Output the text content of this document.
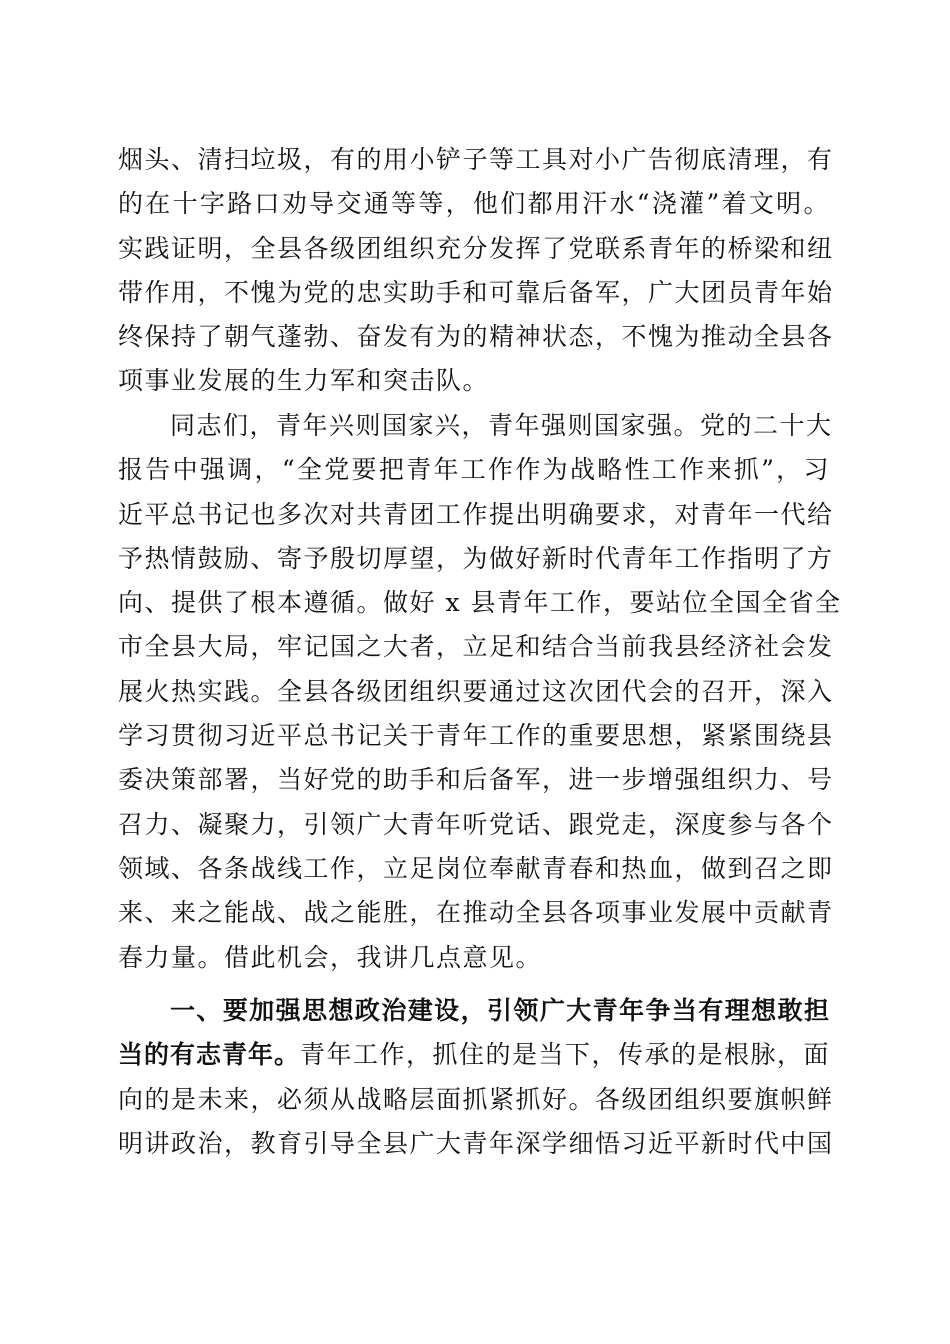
烟头、清扫垃圾，有的用小铲子等工具对小广告彻底清理，有
的在十字路口劝导交通等等，他们都用汗水“浇灌”着文明。
实践证明，全县各级团组织充分发挥了党联系青年的桥梁和纽
带作用，不愧为党的忠实助手和可靠后备军，广大团员青年始
终保持了朝气蓬勃、奋发有为的精神状态，不愧为推动全县各
项事业发展的生力军和突击队。
同志们，青年兴则国家兴，青年强则国家强。党的二十大
报告中强调，“全党要把青年工作作为战略性工作来抓”，习
近平总书记也多次对共青团工作提出明确要求，对青年一代给
予热情鼓励、寄予殷切厚望，为做好新时代青年工作指明了方
向、提供了根本遵循。做好 x 县青年工作，要站位全国全省全
市全县大局，牢记国之大者，立足和结合当前我县经济社会发
展火热实践。全县各级团组织要通过这次团代会的召开，深入
学习贯彻习近平总书记关于青年工作的重要思想，紧紧围绕县
委决策部署，当好党的助手和后备军，进一步增强组织力、号
召力、凝聚力，引领广大青年听党话、跟党走，深度参与各个
领域、各条战线工作，立足岗位奉献青春和热血，做到召之即
来、来之能战、战之能胜，在推动全县各项事业发展中贡献青
春力量。借此机会，我讲几点意见。
一、要加强思想政治建设，引领广大青年争当有理想敢担
当的有志青年。青年工作，抓住的是当下，传承的是根脉，面
向的是未来，必须从战略层面抓紧抓好。各级团组织要旗帜鲜
明讲政治，教育引导全县广大青年深学细悟习近平新时代中国
